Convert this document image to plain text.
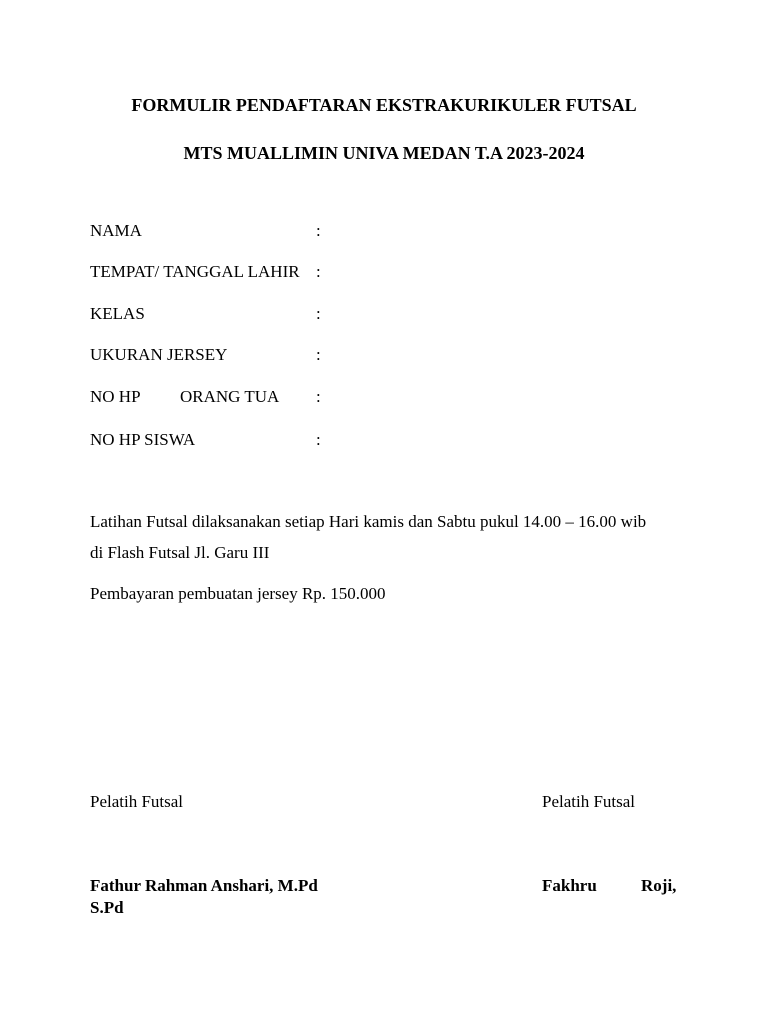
FORMULIR PENDAFTARAN EKSTRAKURIKULER FUTSAL
MTS MUALLIMIN UNIVA MEDAN T.A 2023-2024
NAMA	:
TEMPAT/ TANGGAL LAHIR :
KELAS	:
UKURAN JERSEY	:
NO HP ORANG TUA :
NO HP SISWA	:
Latihan Futsal dilaksanakan setiap Hari kamis dan Sabtu pukul 14.00 – 16.00 wib
di Flash Futsal Jl. Garu III
Pembayaran pembuatan jersey Rp. 150.000
Pelatih Futsal	Pelatih Futsal
Fathur Rahman Anshari, M.Pd	Fakhru	Roji,
S.Pd
